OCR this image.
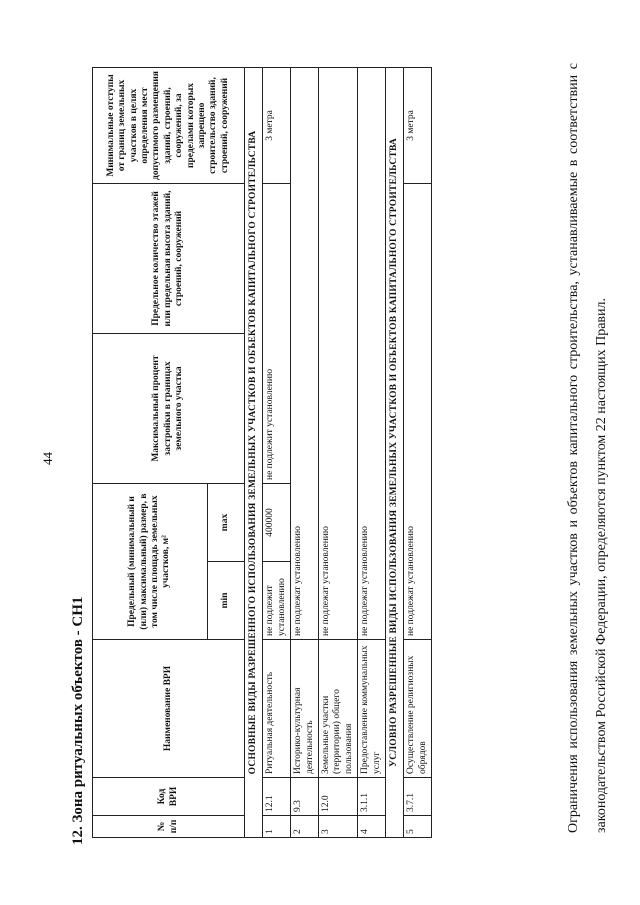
44
12. Зона ритуальных объектов - СН1	№ п/п	Код ВРИ	Наименование ВРИ	Предельный (минимальный и (или) максимальный) размер, в том числе площадь земельных участков, м²		Максимальный процент застройки в границах земельного участка	Предельное количество этажей или предельная высота зданий, строений, сооружений	Минимальные отступы от границ земельных участков в целях определения мест допустимого размещения зданий, строений, сооружений, за пределами которых запрещено строительство зданий, строений, сооружений
			min	max			
ОСНОВНЫЕ ВИДЫ РАЗРЕШЕННОГО ИСПОЛЬЗОВАНИЯ ЗЕМЕЛЬНЫХ УЧАСТКОВ И ОБЪЕКТОВ КАПИТАЛЬНОГО СТРОИТЕЛЬСТВА							
1	12.1	Ритуальная деятельность	не подлежит установлению	400000	не подлежит установлению		3 метра
2	9.3	Историко-культурная деятельность	не подлежат установлению				
3	12.0	Земельные участки (территории) общего пользования	не подлежат установлению				
4	3.1.1	Предоставление коммунальных услуг	не подлежат установлению				
УСЛОВНО РАЗРЕШЕННЫЕ ВИДЫ ИСПОЛЬЗОВАНИЯ ЗЕМЕЛЬНЫХ УЧАСТКОВ И ОБЪЕКТОВ КАПИТАЛЬНОГО СТРОИТЕЛЬСТВА							
5	3.7.1	Осуществление религиозных обрядов	не подлежат установлению				3 метра	Ограничения использования земельных участков и объектов капитального строительства, устанавливаемые в соответствии с законодательством Российской Федерации, определяются пунктом 22 настоящих Правил.
